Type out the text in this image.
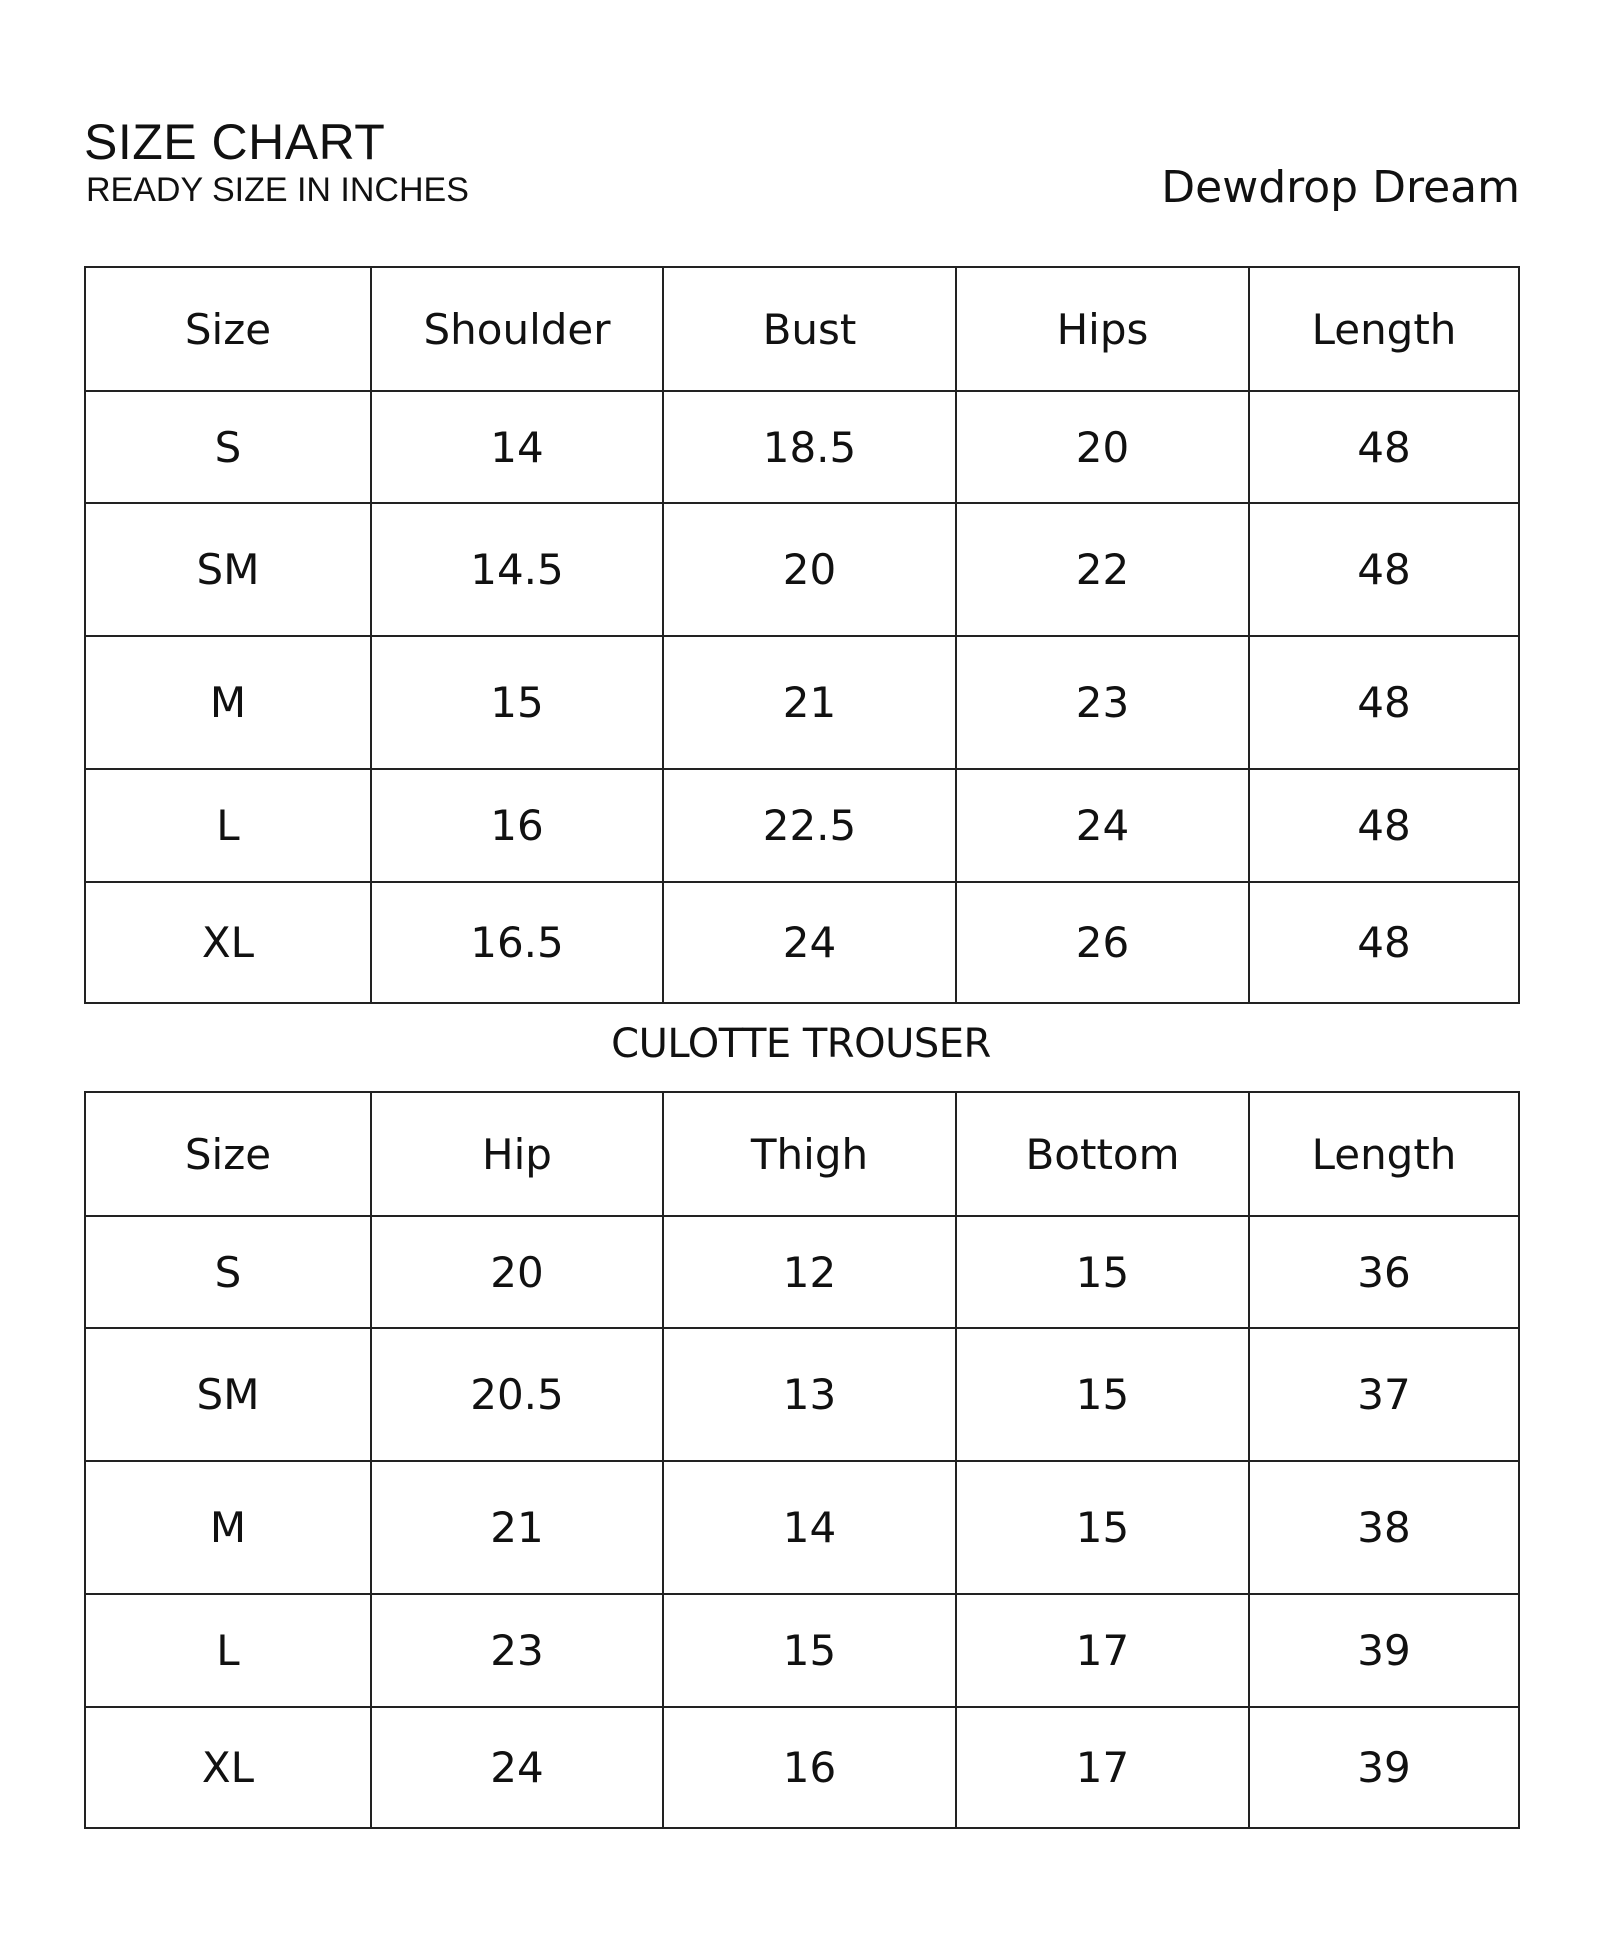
SIZE CHART
READY SIZE IN INCHES	Dewdrop Dream
Size	Shoulder	Bust	Hips	Length
S	14	18.5	20	48
SM	14.5	20	22	48
M	15	21	23	48
L	16	22.5	24	48
XL	16.5	24	26	48
CULOTTE TROUSER
Size	Hip	Thigh	Bottom	Length
S	20	12	15	36
SM	20.5	13	15	37
M	21	14	15	38
L	23	15	17	39
XL	24	16	17	39
